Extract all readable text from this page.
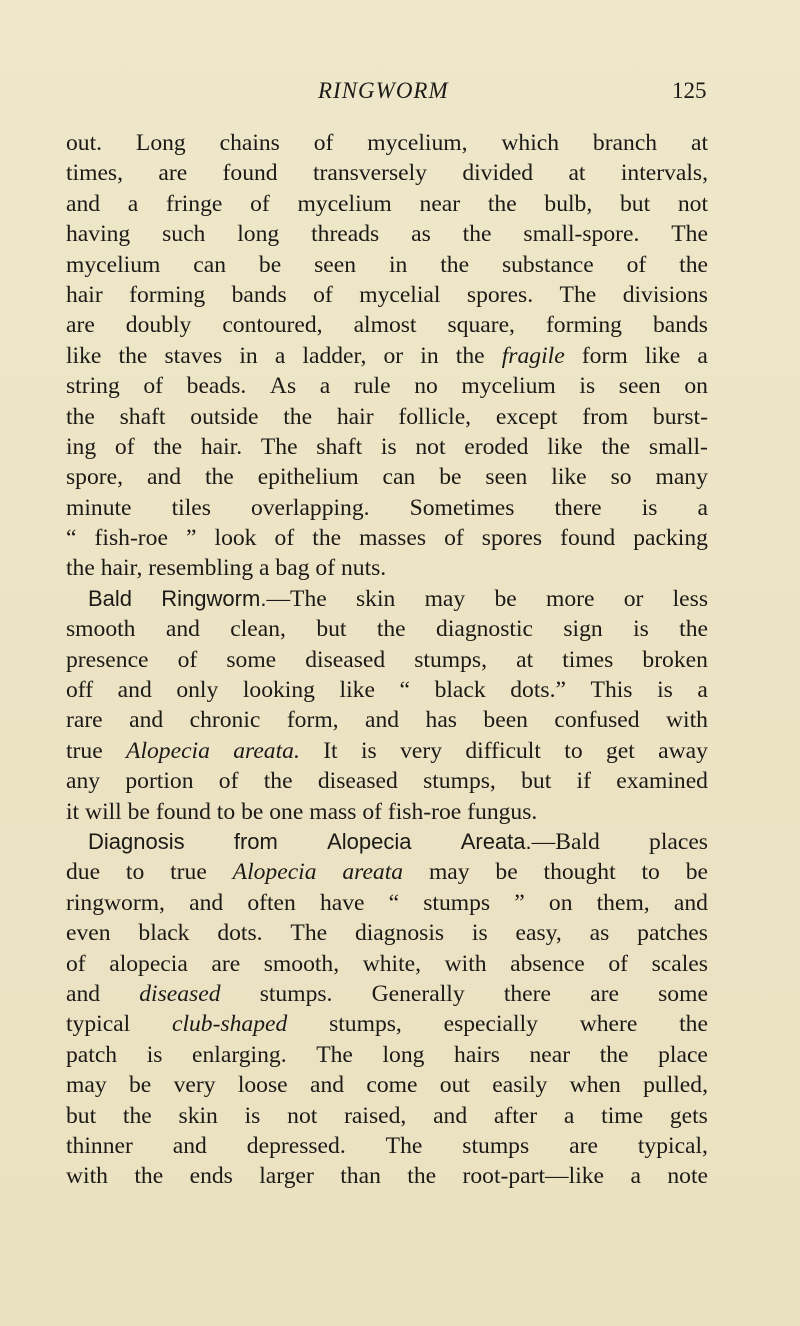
RINGWORM	125
out. Long chains of mycelium, which branch at
times, are found transversely divided at intervals,
and a fringe of mycelium near the bulb, but not
having such long threads as the small-spore. The
mycelium can be seen in the substance of the
hair forming bands of mycelial spores. The divisions
are doubly contoured, almost square, forming bands
like the staves in a ladder, or in the fragile form like a
string of beads. As a rule no mycelium is seen on
the shaft outside the hair follicle, except from burst-
ing of the hair. The shaft is not eroded like the small-
spore, and the epithelium can be seen like so many
minute tiles overlapping. Sometimes there is a
“ fish-roe ” look of the masses of spores found packing
the hair, resembling a bag of nuts.
Bald Ringworm.—The skin may be more or less
smooth and clean, but the diagnostic sign is the
presence of some diseased stumps, at times broken
off and only looking like “ black dots.” This is a
rare and chronic form, and has been confused with
true Alopecia areata. It is very difficult to get away
any portion of the diseased stumps, but if examined
it will be found to be one mass of fish-roe fungus.
Diagnosis from Alopecia Areata.—Bald places
due to true Alopecia areata may be thought to be
ringworm, and often have “ stumps ” on them, and
even black dots. The diagnosis is easy, as patches
of alopecia are smooth, white, with absence of scales
and diseased stumps. Generally there are some
typical club-shaped stumps, especially where the
patch is enlarging. The long hairs near the place
may be very loose and come out easily when pulled,
but the skin is not raised, and after a time gets
thinner and depressed. The stumps are typical,
with the ends larger than the root-part—like a note
